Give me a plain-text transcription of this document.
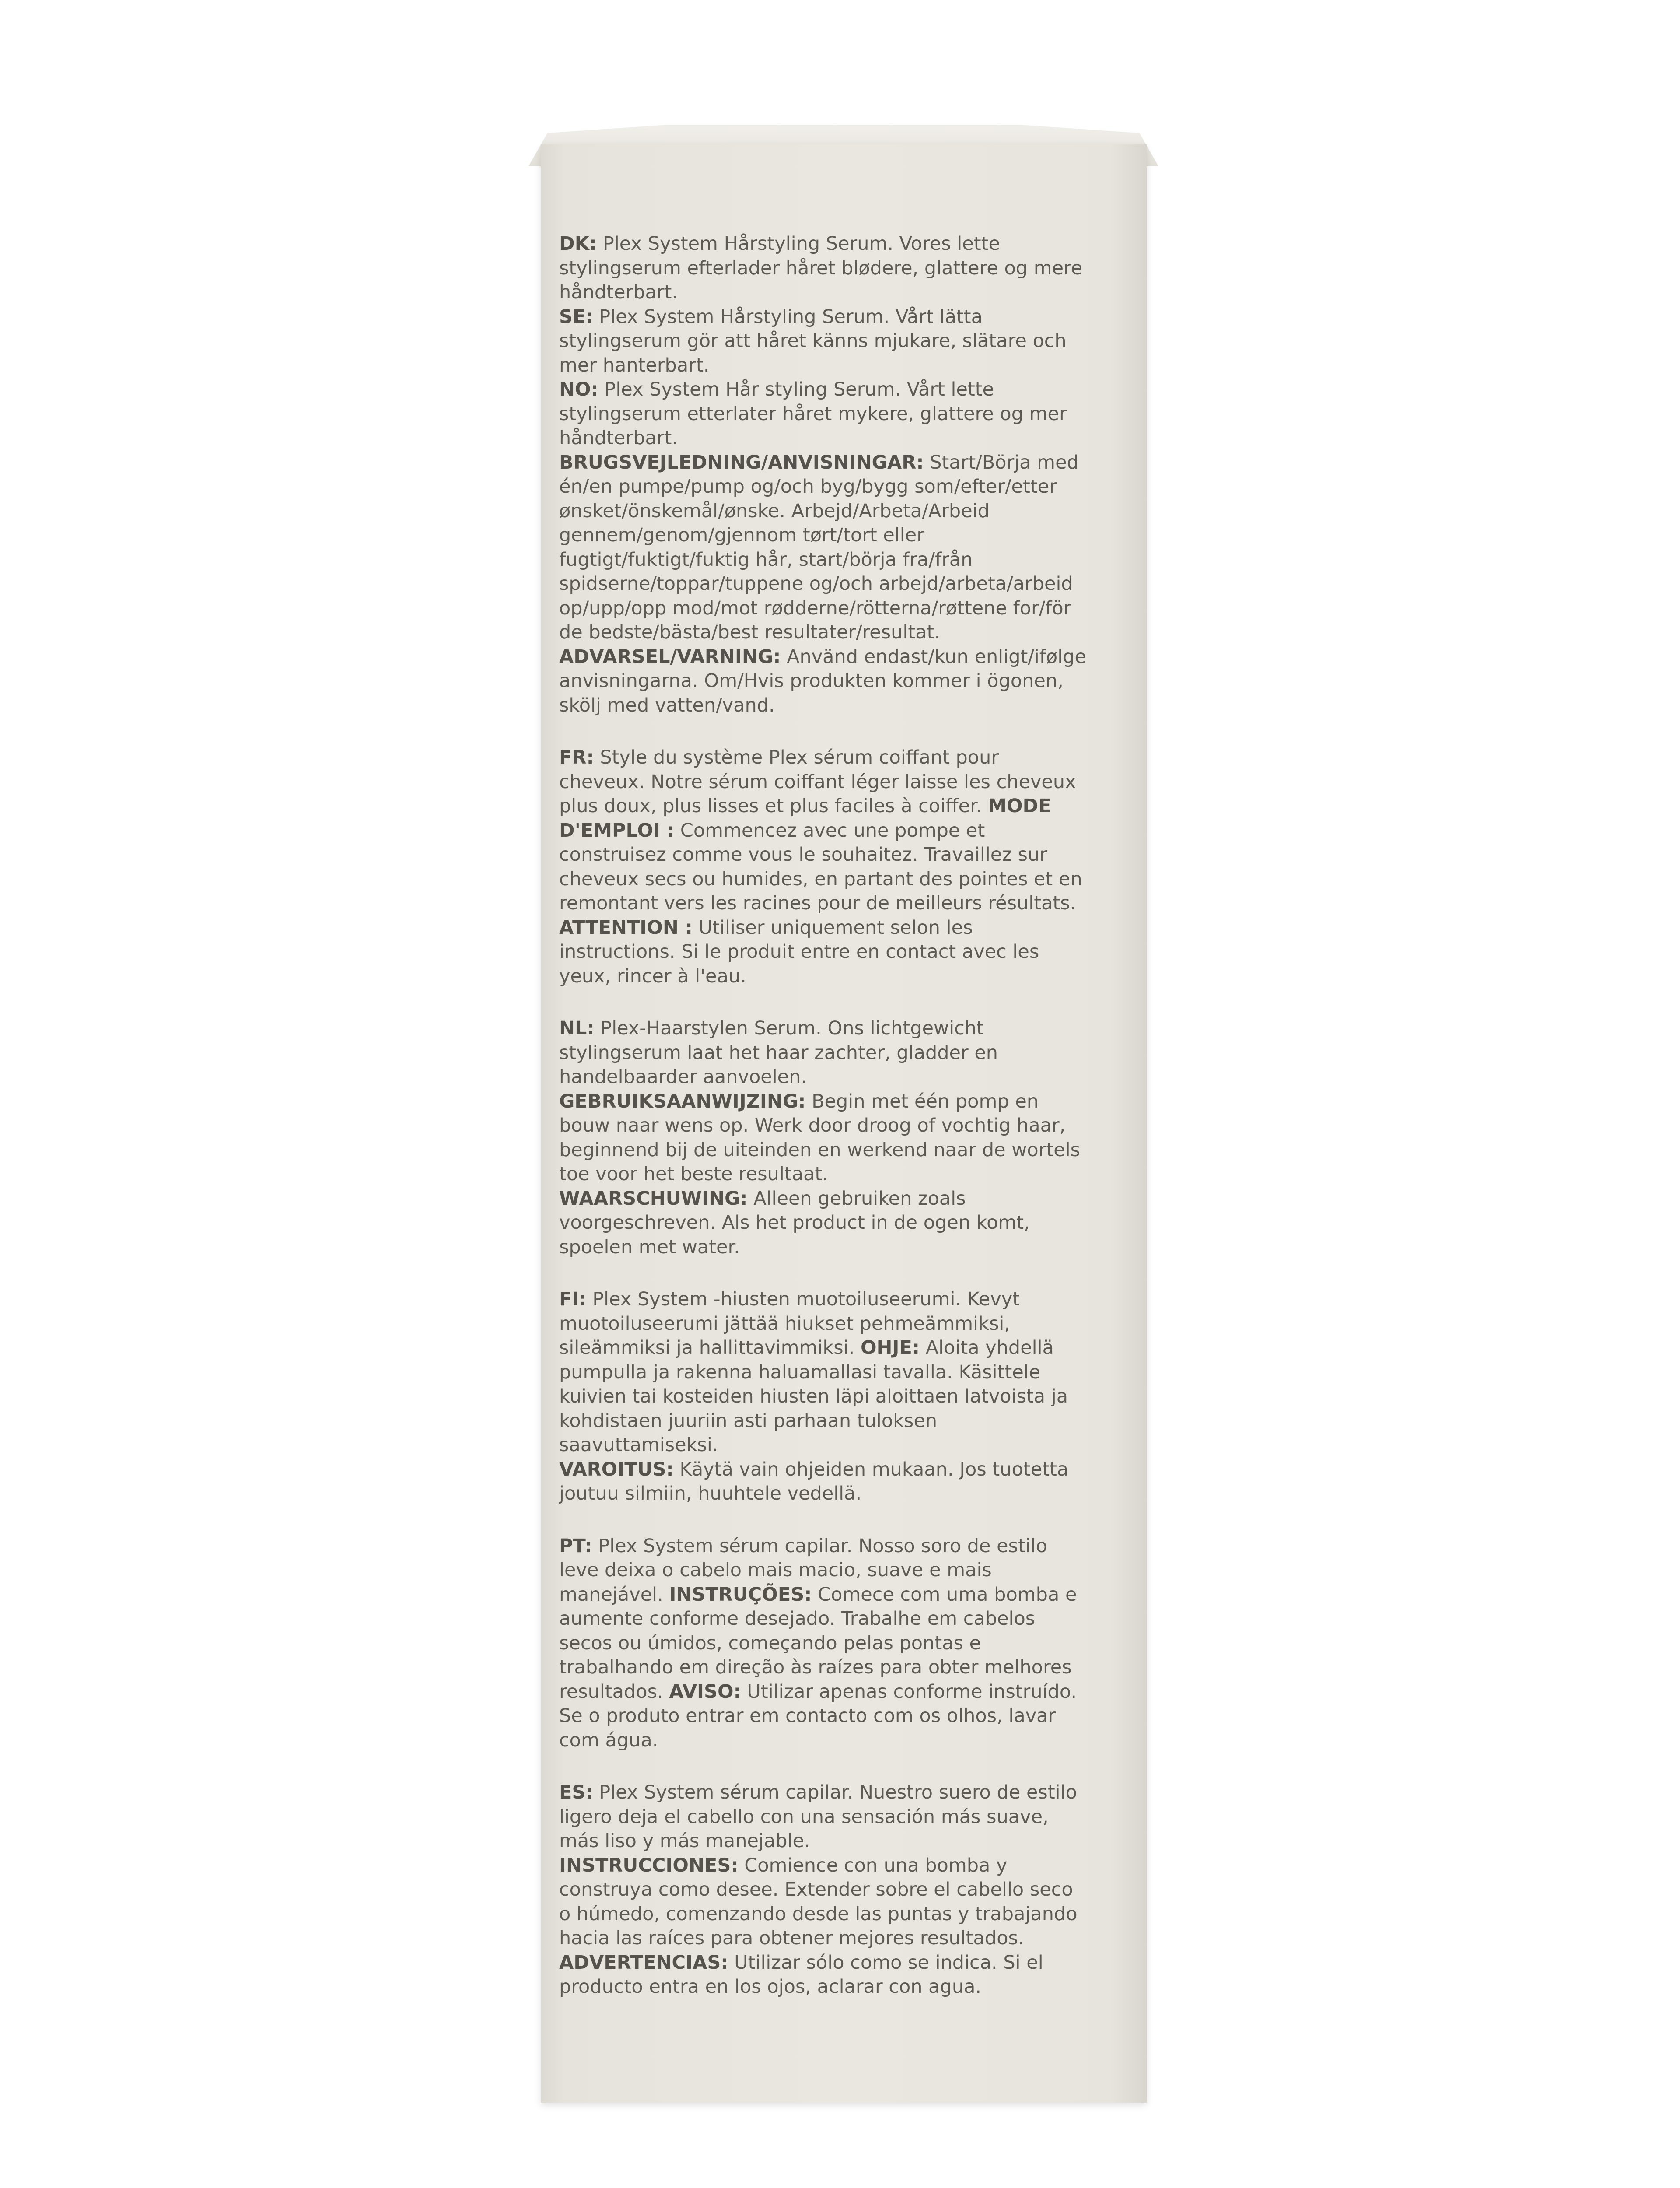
DK: Plex System Hårstyling Serum. Vores lette stylingserum efterlader håret blødere, glattere og mere håndterbart.

SE: Plex System Hårstyling Serum. Vårt lätta stylingserum gör att håret känns mjukare, slätare och mer hanterbart.

NO: Plex System Hår styling Serum. Vårt lette stylingserum etterlater håret mykere, glattere og mer håndterbart.

BRUGSVEJLEDNING/ANVISNINGAR: Start/Börja med én/en pumpe/pump og/och byg/bygg som/efter/etter ønsket/önskemål/ønske. Arbejd/Arbeta/Arbeid gennem/genom/gjennom tørt/tort eller fugtigt/fuktigt/fuktig hår, start/börja fra/från spidserne/toppar/tuppene og/och arbejd/arbeta/arbeid op/upp/opp mod/mot rødderne/rötterna/røttene for/för de bedste/bästa/best resultater/resultat.

ADVARSEL/VARNING: Använd endast/kun enligt/ifølge anvisningarna. Om/Hvis produkten kommer i ögonen, skölj med vatten/vand.

FR: Style du système Plex sérum coiffant pour cheveux. Notre sérum coiffant léger laisse les cheveux plus doux, plus lisses et plus faciles à coiffer. MODE D'EMPLOI : Commencez avec une pompe et construisez comme vous le souhaitez. Travaillez sur cheveux secs ou humides, en partant des pointes et en remontant vers les racines pour de meilleurs résultats. ATTENTION : Utiliser uniquement selon les instructions. Si le produit entre en contact avec les yeux, rincer à l'eau.

NL: Plex-Haarstylen Serum. Ons lichtgewicht stylingserum laat het haar zachter, gladder en handelbaarder aanvoelen.

GEBRUIKSAANWIJZING: Begin met één pomp en bouw naar wens op. Werk door droog of vochtig haar, beginnend bij de uiteinden en werkend naar de wortels toe voor het beste resultaat.

WAARSCHUWING: Alleen gebruiken zoals voorgeschreven. Als het product in de ogen komt, spoelen met water.

FI: Plex System -hiusten muotoiluseerumi. Kevyt muotoiluseerumi jättää hiukset pehmeämmiksi, sileämmiksi ja hallittavimmiksi. OHJE: Aloita yhdellä pumpulla ja rakenna haluamallasi tavalla. Käsittele kuivien tai kosteiden hiusten läpi aloittaen latvoista ja kohdistaen juuriin asti parhaan tuloksen saavuttamiseksi.

VAROITUS: Käytä vain ohjeiden mukaan. Jos tuotetta joutuu silmiin, huuhtele vedellä.

PT: Plex System sérum capilar. Nosso soro de estilo leve deixa o cabelo mais macio, suave e mais manejável. INSTRUÇÕES: Comece com uma bomba e aumente conforme desejado. Trabalhe em cabelos secos ou úmidos, começando pelas pontas e trabalhando em direção às raízes para obter melhores resultados. AVISO: Utilizar apenas conforme instruído. Se o produto entrar em contacto com os olhos, lavar com água.

ES: Plex System sérum capilar. Nuestro suero de estilo ligero deja el cabello con una sensación más suave, más liso y más manejable.

INSTRUCCIONES: Comience con una bomba y construya como desee. Extender sobre el cabello seco o húmedo, comenzando desde las puntas y trabajando hacia las raíces para obtener mejores resultados. ADVERTENCIAS: Utilizar sólo como se indica. Si el producto entra en los ojos, aclarar con agua.
